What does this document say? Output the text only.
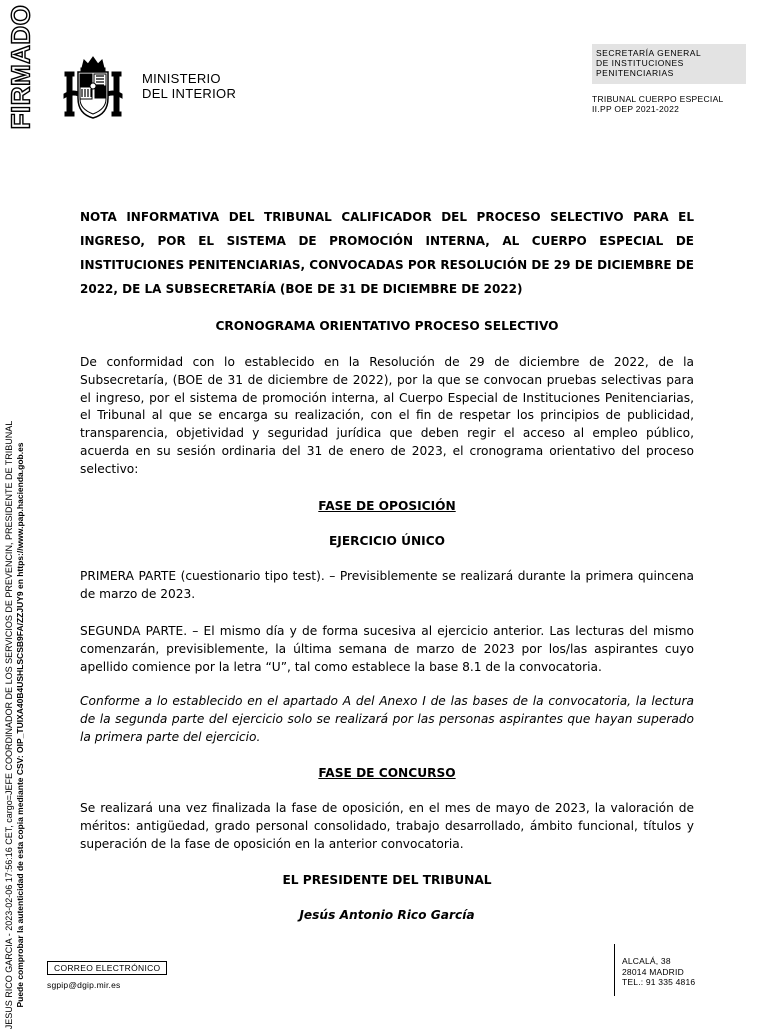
FIRMADO
JESUS RICO GARCIA - 2023-02-06 17:56:16 CET, cargo=JEFE COORDINADOR DE LOS SERVICIOS DE PREVENCIN, PRESIDENTE DE TRIBUNAL Puede comprobar la autenticidad de esta copia mediante CSV: OIP_TUIXA40B4USHLSCSB9FA/ZZJUY9 en https://www.pap.hacienda.gob.es
MINISTERIO
DEL INTERIOR
SECRETARÍA GENERAL
DE INSTITUCIONES
PENITENCIARIAS
TRIBUNAL CUERPO ESPECIAL
II.PP OEP 2021-2022
NOTA INFORMATIVA DEL TRIBUNAL CALIFICADOR DEL PROCESO SELECTIVO PARA EL INGRESO, POR EL SISTEMA DE PROMOCIÓN INTERNA, AL CUERPO ESPECIAL DE INSTITUCIONES PENITENCIARIAS, CONVOCADAS POR RESOLUCIÓN DE 29 DE DICIEMBRE DE 2022, DE LA SUBSECRETARÍA (BOE DE 31 DE DICIEMBRE DE 2022)
CRONOGRAMA ORIENTATIVO PROCESO SELECTIVO
De conformidad con lo establecido en la Resolución de 29 de diciembre de 2022, de la Subsecretaría, (BOE de 31 de diciembre de 2022), por la que se convocan pruebas selectivas para el ingreso, por el sistema de promoción interna, al Cuerpo Especial de Instituciones Penitenciarias, el Tribunal al que se encarga su realización, con el fin de respetar los principios de publicidad, transparencia, objetividad y seguridad jurídica que deben regir el acceso al empleo público, acuerda en su sesión ordinaria del 31 de enero de 2023, el cronograma orientativo del proceso selectivo:
FASE DE OPOSICIÓN
EJERCICIO ÚNICO
PRIMERA PARTE (cuestionario tipo test). – Previsiblemente se realizará durante la primera quincena de marzo de 2023.
SEGUNDA PARTE. – El mismo día y de forma sucesiva al ejercicio anterior. Las lecturas del mismo comenzarán, previsiblemente, la última semana de marzo de 2023 por los/las aspirantes cuyo apellido comience por la letra “U”, tal como establece la base 8.1 de la convocatoria.
Conforme a lo establecido en el apartado A del Anexo I de las bases de la convocatoria, la lectura de la segunda parte del ejercicio solo se realizará por las personas aspirantes que hayan superado la primera parte del ejercicio.
FASE DE CONCURSO
Se realizará una vez finalizada la fase de oposición, en el mes de mayo de 2023, la valoración de méritos: antigüedad, grado personal consolidado, trabajo desarrollado, ámbito funcional, títulos y superación de la fase de oposición en la anterior convocatoria.
EL PRESIDENTE DEL TRIBUNAL
Jesús Antonio Rico García
CORREO ELECTRÓNICO
sgpip@dgip.mir.es
ALCALÁ, 38
28014 MADRID
TEL.: 91 335 4816
